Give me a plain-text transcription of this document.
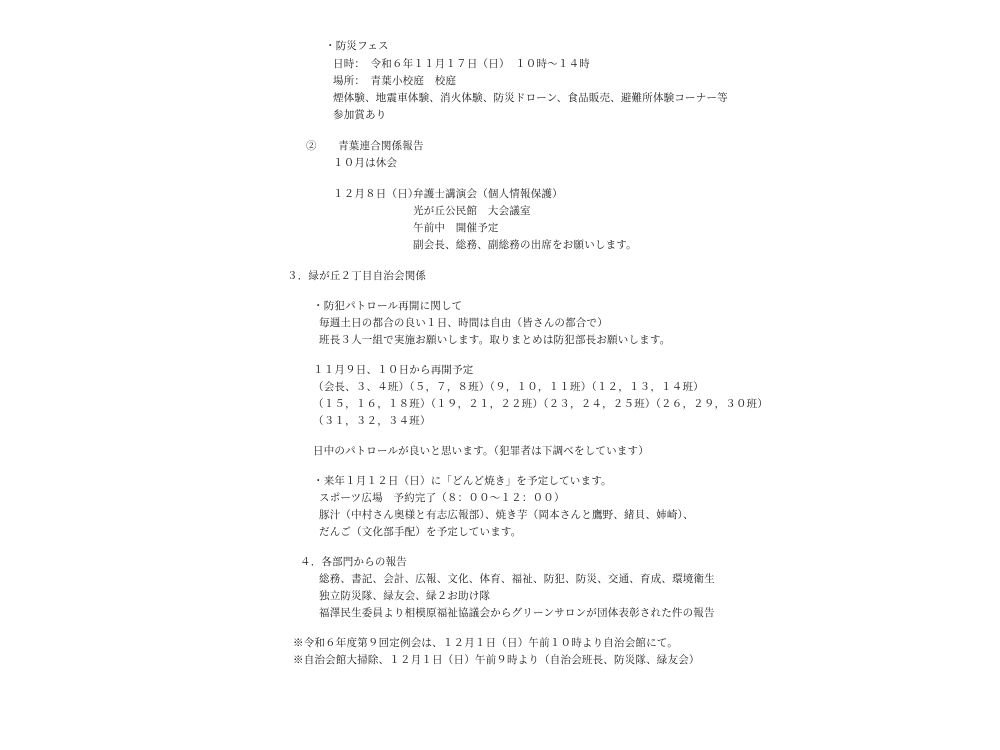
・防災フェス
日時：　令和６年１１月１７日（日）　１０時～１４時
場所：　青葉小校庭　校庭
煙体験、地震車体験、消火体験、防災ドローン、食品販売、避難所体験コーナー等
参加賞あり
②　　青葉連合関係報告
１０月は休会
１２月８日（日）
弁護士講演会（個人情報保護）
光が丘公民館　大会議室
午前中　開催予定
副会長、総務、副総務の出席をお願いします。
３．緑が丘２丁目自治会関係
・防犯パトロール再開に関して
毎週土日の都合の良い１日、時間は自由（皆さんの都合で）
班長３人一組で実施お願いします。取りまとめは防犯部長お願いします。
１１月９日、１０日から再開予定
（会長、３、４班）（５，７，８班）（９，１０，１１班）（１２，１３，１４班）
（１５，１６，１８班）（１９，２１，２２班）（２３，２４，２５班）（２６，２９，３０班）
（３１，３２，３４班）
日中のパトロールが良いと思います。（犯罪者は下調べをしています）
・来年１月１２日（日）に「どんど焼き」を予定しています。
スポーツ広場　予約完了（８：００～１２：００）
豚汁（中村さん奥様と有志広報部）、焼き芋（岡本さんと鷹野、緒貝、姉崎）、
だんご（文化部手配）を予定しています。
４．各部門からの報告
総務、書記、会計、広報、文化、体育、福祉、防犯、防災、交通、育成、環境衛生
独立防災隊、緑友会、緑２お助け隊
福澤民生委員より相模原福祉協議会からグリーンサロンが団体表彰された件の報告
※令和６年度第９回定例会は、１２月１日（日）午前１０時より自治会館にて。
※自治会館大掃除、１２月１日（日）午前９時より（自治会班長、防災隊、緑友会）
